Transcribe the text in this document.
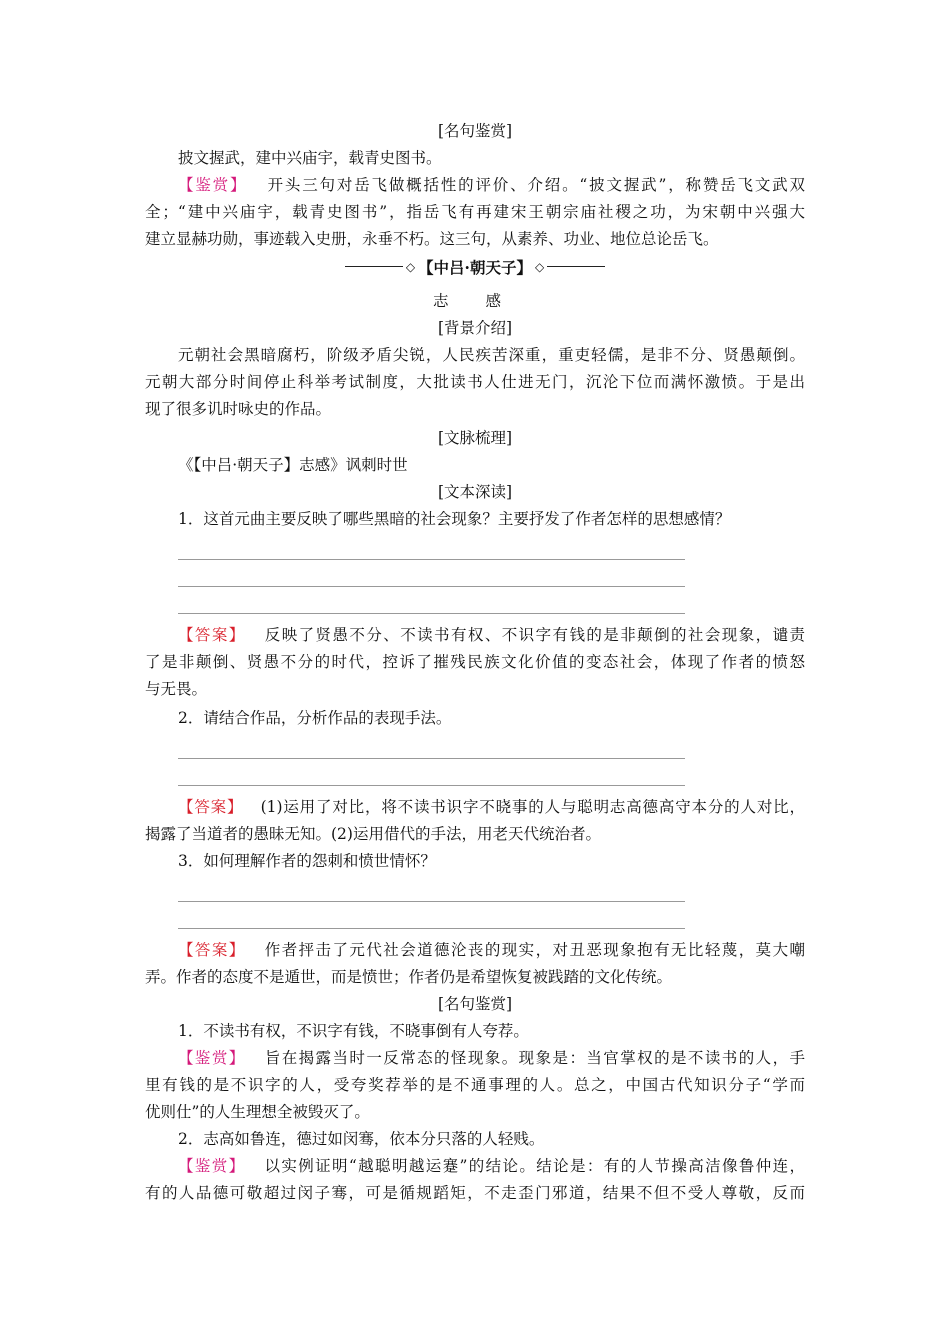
[名句鉴赏]
披文握武，建中兴庙宇，载青史图书。
【鉴赏】 开头三句对岳飞做概括性的评价、介绍。“披文握武”，称赞岳飞文武双
全；“建中兴庙宇，载青史图书”，指岳飞有再建宋王朝宗庙社稷之功，为宋朝中兴强大
建立显赫功勋，事迹载入史册，永垂不朽。这三句，从素养、功业、地位总论岳飞。
◇ 【中吕·朝天子】 ◇
志 感
[背景介绍]
元朝社会黑暗腐朽，阶级矛盾尖锐，人民疾苦深重，重吏轻儒，是非不分、贤愚颠倒。
元朝大部分时间停止科举考试制度，大批读书人仕进无门，沉沦下位而满怀激愤。于是出
现了很多讥时咏史的作品。
[文脉梳理]
《【中吕·朝天子】志感》讽刺时世
[文本深读]
1．这首元曲主要反映了哪些黑暗的社会现象？主要抒发了作者怎样的思想感情？
【答案】 反映了贤愚不分、不读书有权、不识字有钱的是非颠倒的社会现象，谴责
了是非颠倒、贤愚不分的时代，控诉了摧残民族文化价值的变态社会，体现了作者的愤怒
与无畏。
2．请结合作品，分析作品的表现手法。
【答案】 (1)运用了对比，将不读书识字不晓事的人与聪明志高德高守本分的人对比，
揭露了当道者的愚昧无知。(2)运用借代的手法，用老天代统治者。
3．如何理解作者的怨刺和愤世情怀？
【答案】 作者抨击了元代社会道德沦丧的现实，对丑恶现象抱有无比轻蔑，莫大嘲
弄。作者的态度不是遁世，而是愤世；作者仍是希望恢复被践踏的文化传统。
[名句鉴赏]
1．不读书有权，不识字有钱，不晓事倒有人夸荐。
【鉴赏】 旨在揭露当时一反常态的怪现象。现象是：当官掌权的是不读书的人，手
里有钱的是不识字的人，受夸奖荐举的是不通事理的人。总之，中国古代知识分子“学而
优则仕”的人生理想全被毁灭了。
2．志高如鲁连，德过如闵骞，依本分只落的人轻贱。
【鉴赏】 以实例证明“越聪明越运蹇”的结论。结论是：有的人节操高洁像鲁仲连，
有的人品德可敬超过闵子骞，可是循规蹈矩，不走歪门邪道，结果不但不受人尊敬，反而
